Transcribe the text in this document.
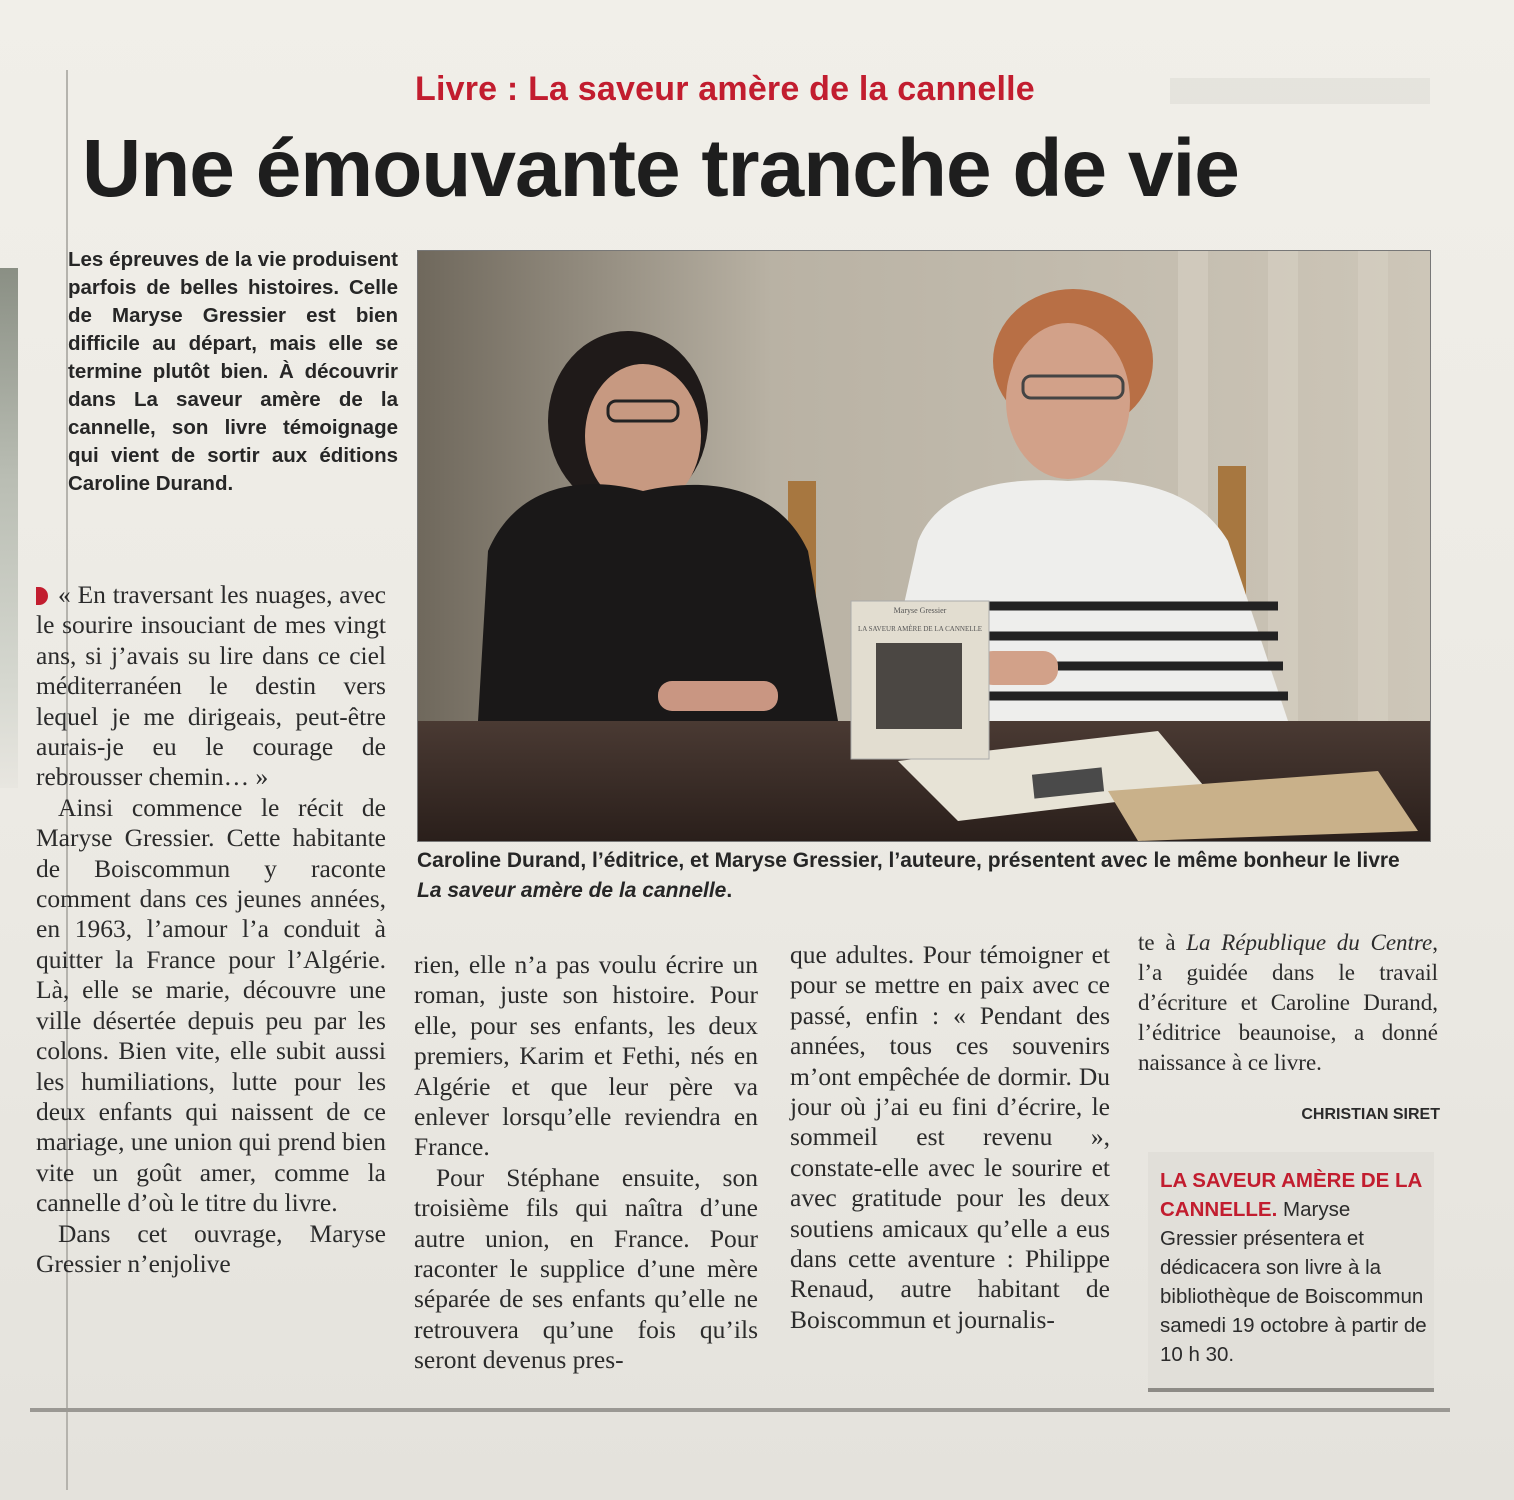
Livre : La saveur amère de la cannelle
Une émouvante tranche de vie
Les épreuves de la vie produisent parfois de belles histoires. Celle de Maryse Gressier est bien difficile au départ, mais elle se termine plutôt bien. À découvrir dans La saveur amère de la cannelle, son livre témoignage qui vient de sortir aux éditions Caroline Durand.
Maryse Gressier
LA SAVEUR AMÈRE DE LA CANNELLE
Caroline Durand, l’éditrice, et Maryse Gressier, l’auteure, présentent avec le même bonheur le livre La saveur amère de la cannelle.

« En traversant les nuages, avec le sourire insouciant de mes vingt ans, si j’avais su lire dans ce ciel méditerranéen le destin vers lequel je me dirigeais, peut-être aurais-je eu le courage de rebrousser chemin… »

Ainsi commence le récit de Maryse Gressier. Cette habitante de Boiscommun y raconte comment dans ces jeunes années, en 1963, l’amour l’a conduit à quitter la France pour l’Algérie. Là, elle se marie, découvre une ville désertée depuis peu par les colons. Bien vite, elle subit aussi les humiliations, lutte pour les deux enfants qui naissent de ce mariage, une union qui prend bien vite un goût amer, comme la cannelle d’où le titre du livre.

Dans cet ouvrage, Maryse Gressier n’enjolive

rien, elle n’a pas voulu écrire un roman, juste son histoire. Pour elle, pour ses enfants, les deux premiers, Karim et Fethi, nés en Algérie et que leur père va enlever lorsqu’elle reviendra en France.

Pour Stéphane ensuite, son troisième fils qui naîtra d’une autre union, en France. Pour raconter le supplice d’une mère séparée de ses enfants qu’elle ne retrouvera qu’une fois qu’ils seront devenus pres-

que adultes. Pour témoigner et pour se mettre en paix avec ce passé, enfin : « Pendant des années, tous ces souvenirs m’ont empêchée de dormir. Du jour où j’ai eu fini d’écrire, le sommeil est revenu », constate-elle avec le sourire et avec gratitude pour les deux soutiens amicaux qu’elle a eus dans cette aventure : Philippe Renaud, autre habitant de Boiscommun et journalis-

te à La République du Centre, l’a guidée dans le travail d’écriture et Caroline Durand, l’éditrice beaunoise, a donné naissance à ce livre.

CHRISTIAN SIRET
LA SAVEUR AMÈRE DE LA CANNELLE. Maryse Gressier présentera et dédicacera son livre à la bibliothèque de Boiscommun samedi 19 octobre à partir de 10 h 30.
